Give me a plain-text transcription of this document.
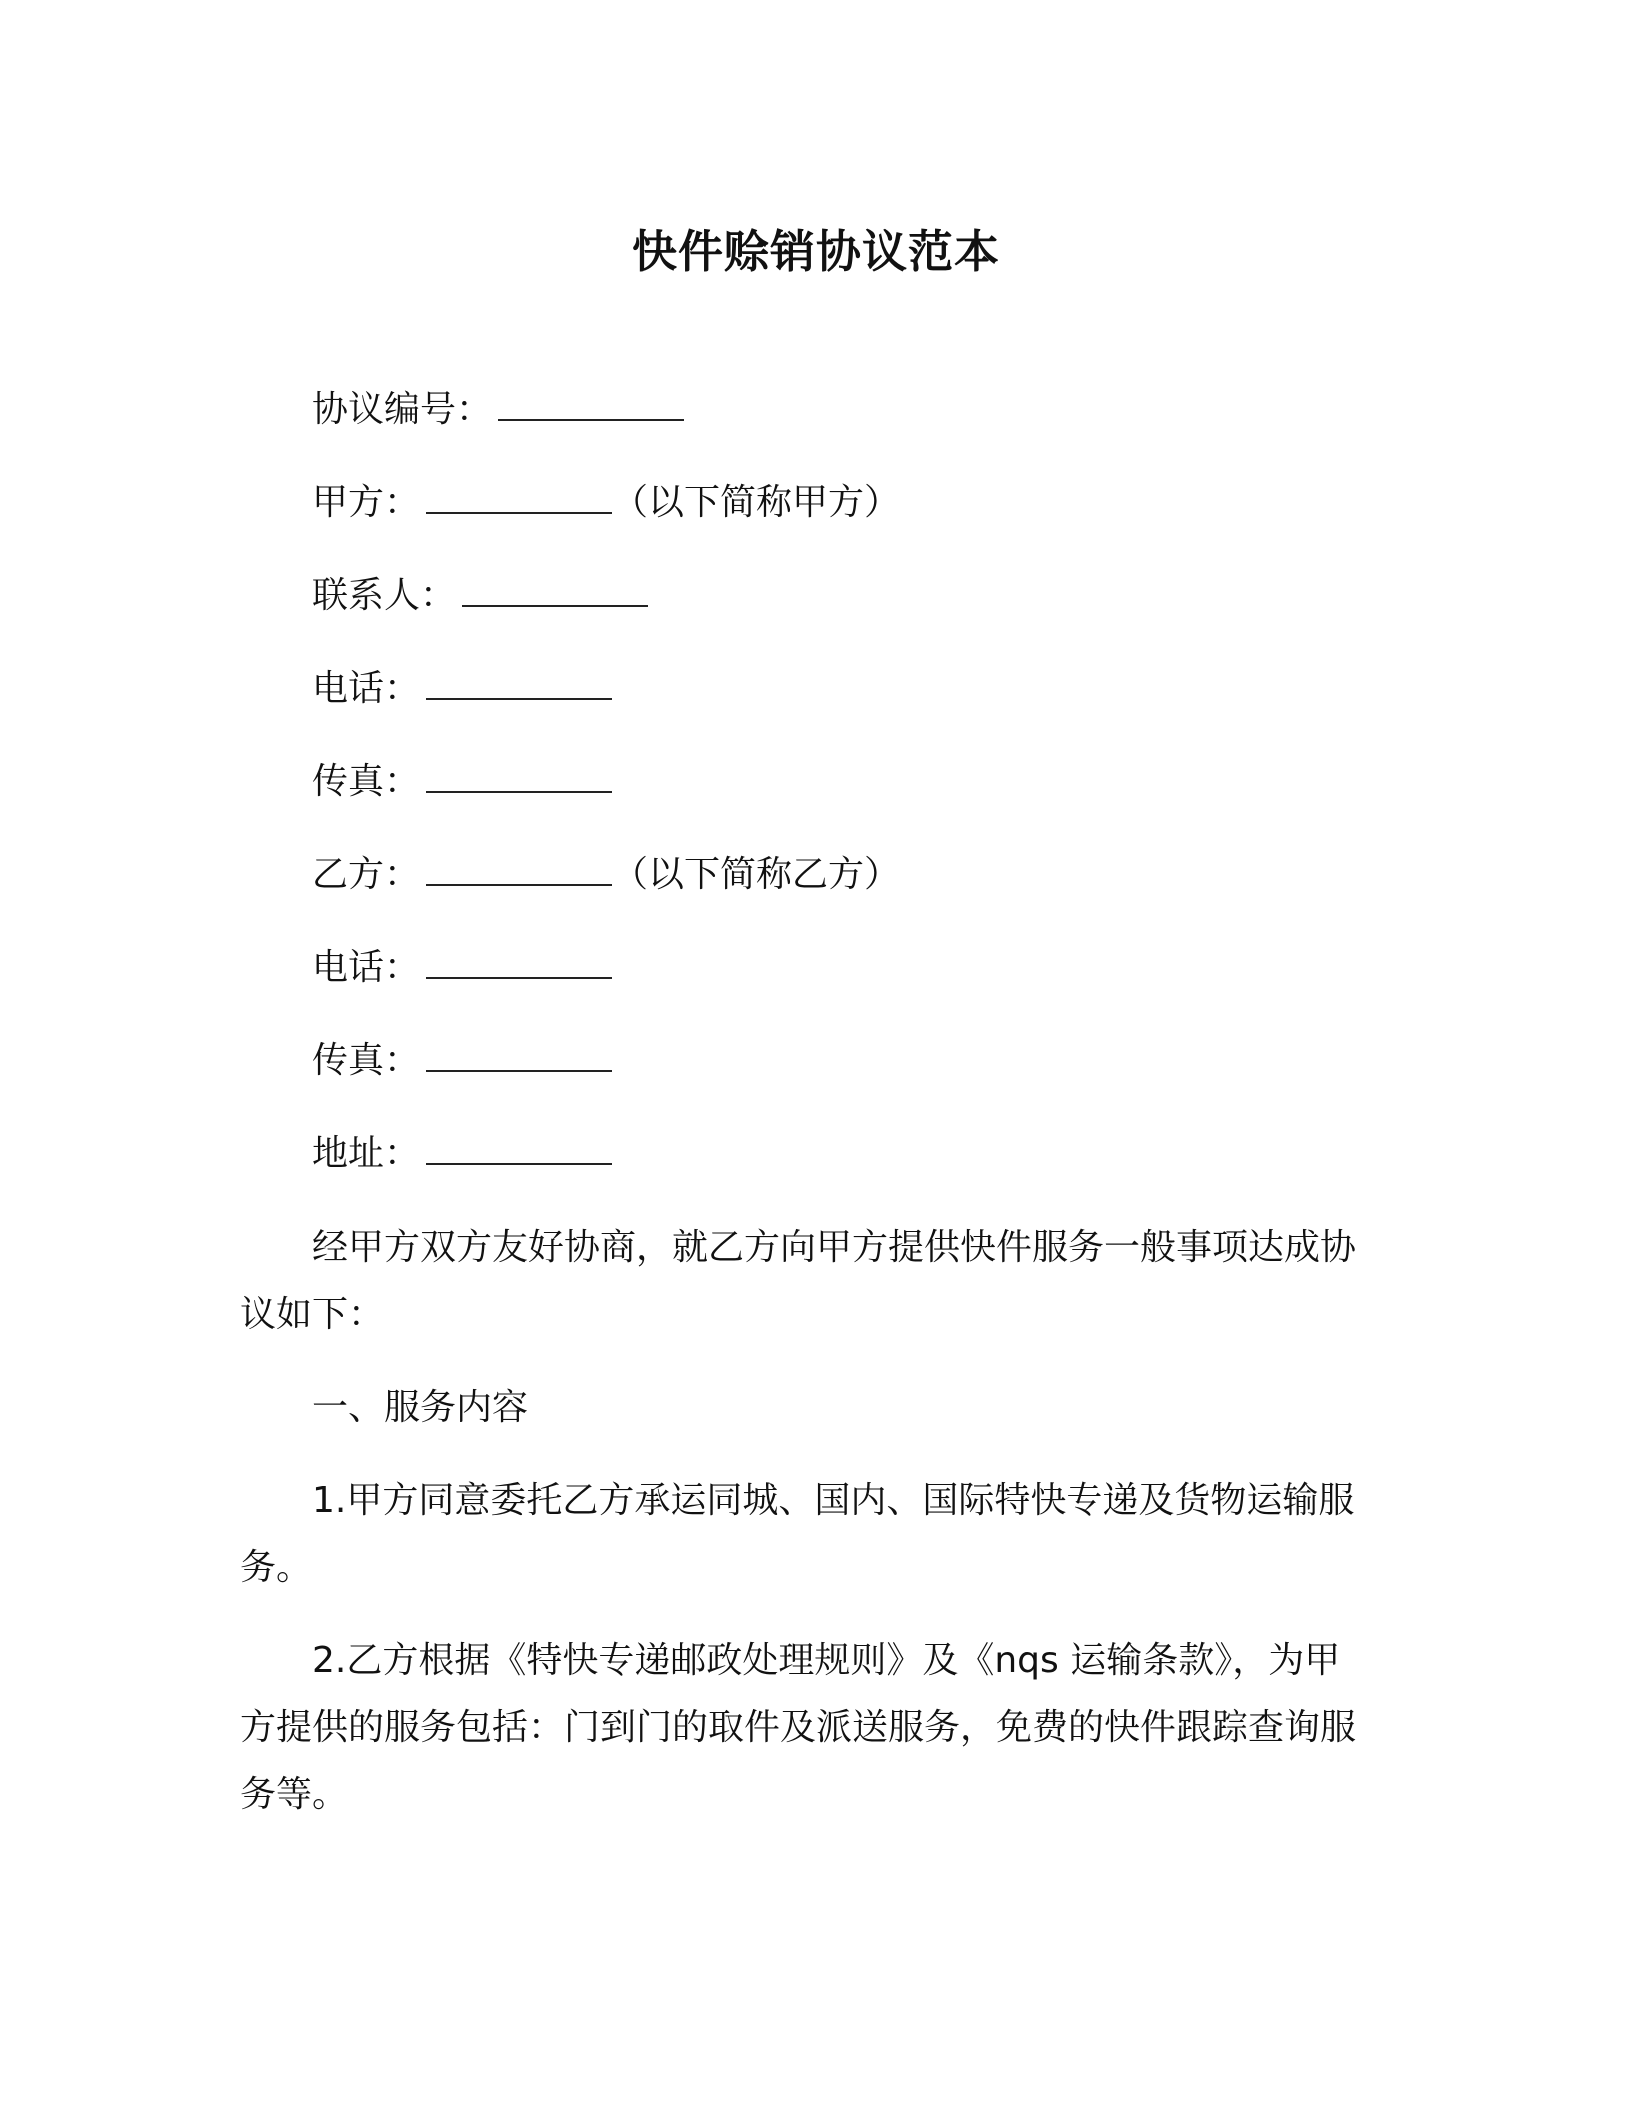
快件赊销协议范本
协议编号：
甲方：	（以下简称甲方）
联系人：
电话：
传真：
乙方：	（以下简称乙方）
电话：
传真：
地址：

经甲方双方友好协商，就乙方向甲方提供快件服务一般事项达成协议如下：

一、服务内容

1.甲方同意委托乙方承运同城、国内、国际特快专递及货物运输服务。

2.乙方根据《特快专递邮政处理规则》及《nqs 运输条款》，为甲方提供的服务包括：门到门的取件及派送服务，免费的快件跟踪查询服务等。
